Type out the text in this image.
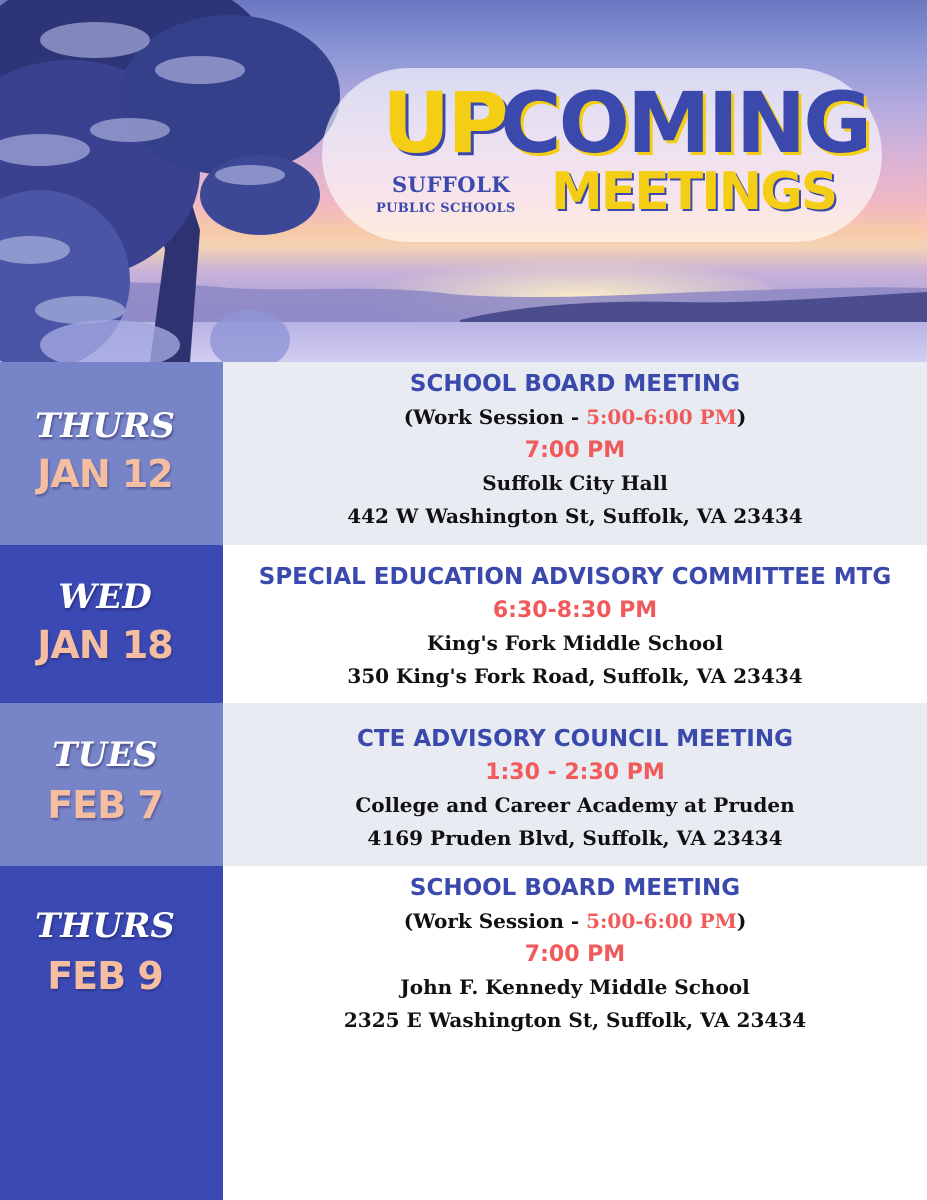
UP
COMING
SUFFOLK
PUBLIC SCHOOLS MEETINGS
THURS
JAN 12
SCHOOL BOARD MEETING
(Work Session - 5:00-6:00 PM)
7:00 PM
Suffolk City Hall
442 W Washington St, Suffolk, VA 23434
WED
JAN 18
SPECIAL EDUCATION ADVISORY COMMITTEE MTG
6:30-8:30 PM
King's Fork Middle School
350 King's Fork Road, Suffolk, VA 23434
TUES
FEB 7
CTE ADVISORY COUNCIL MEETING
1:30 - 2:30 PM
College and Career Academy at Pruden
4169 Pruden Blvd, Suffolk, VA 23434
THURS
FEB 9
SCHOOL BOARD MEETING
(Work Session - 5:00-6:00 PM)
7:00 PM
John F. Kennedy Middle School
2325 E Washington St, Suffolk, VA 23434
